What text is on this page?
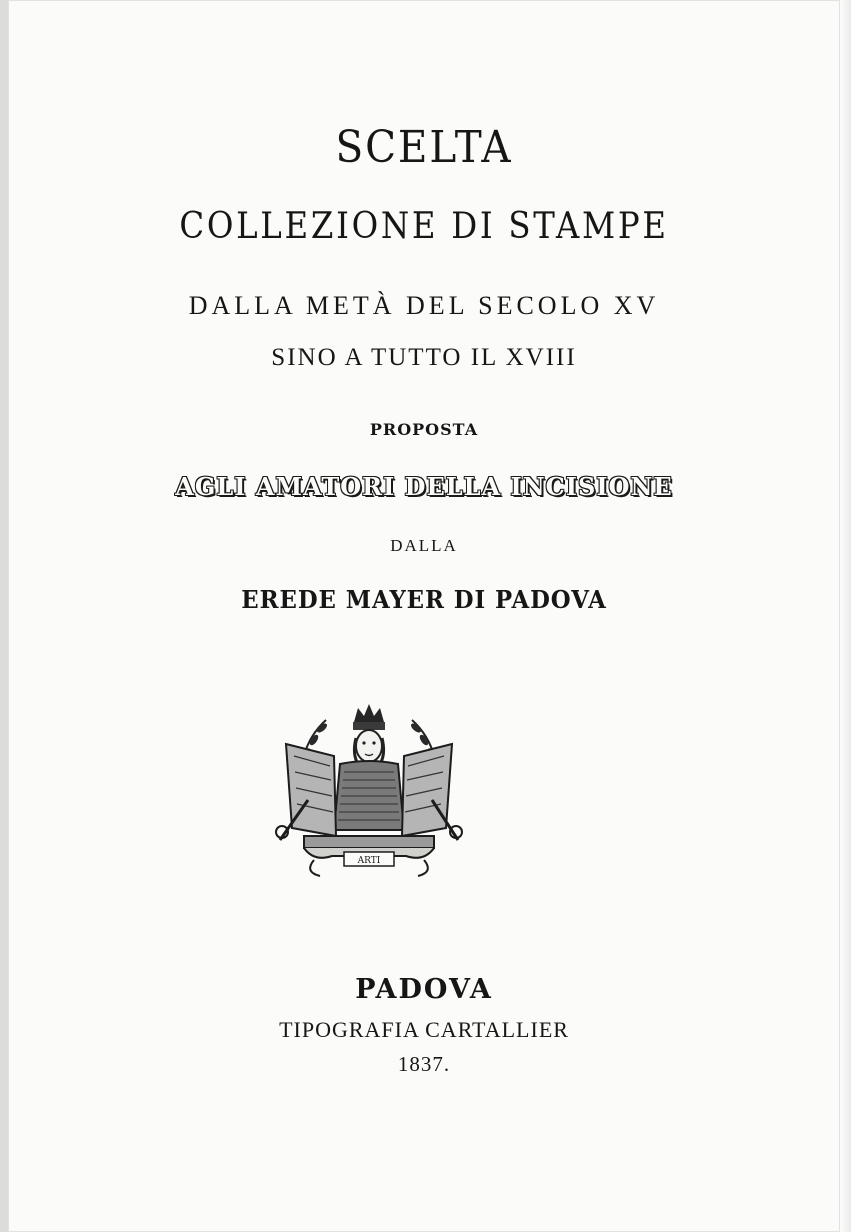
SCELTA
COLLEZIONE DI STAMPE
DALLA METÀ DEL SECOLO XV
SINO A TUTTO IL XVIII
PROPOSTA
AGLI AMATORI DELLA INCISIONE
DALLA
EREDE MAYER DI PADOVA
ARTI
PADOVA
TIPOGRAFIA CARTALLIER
1837.
